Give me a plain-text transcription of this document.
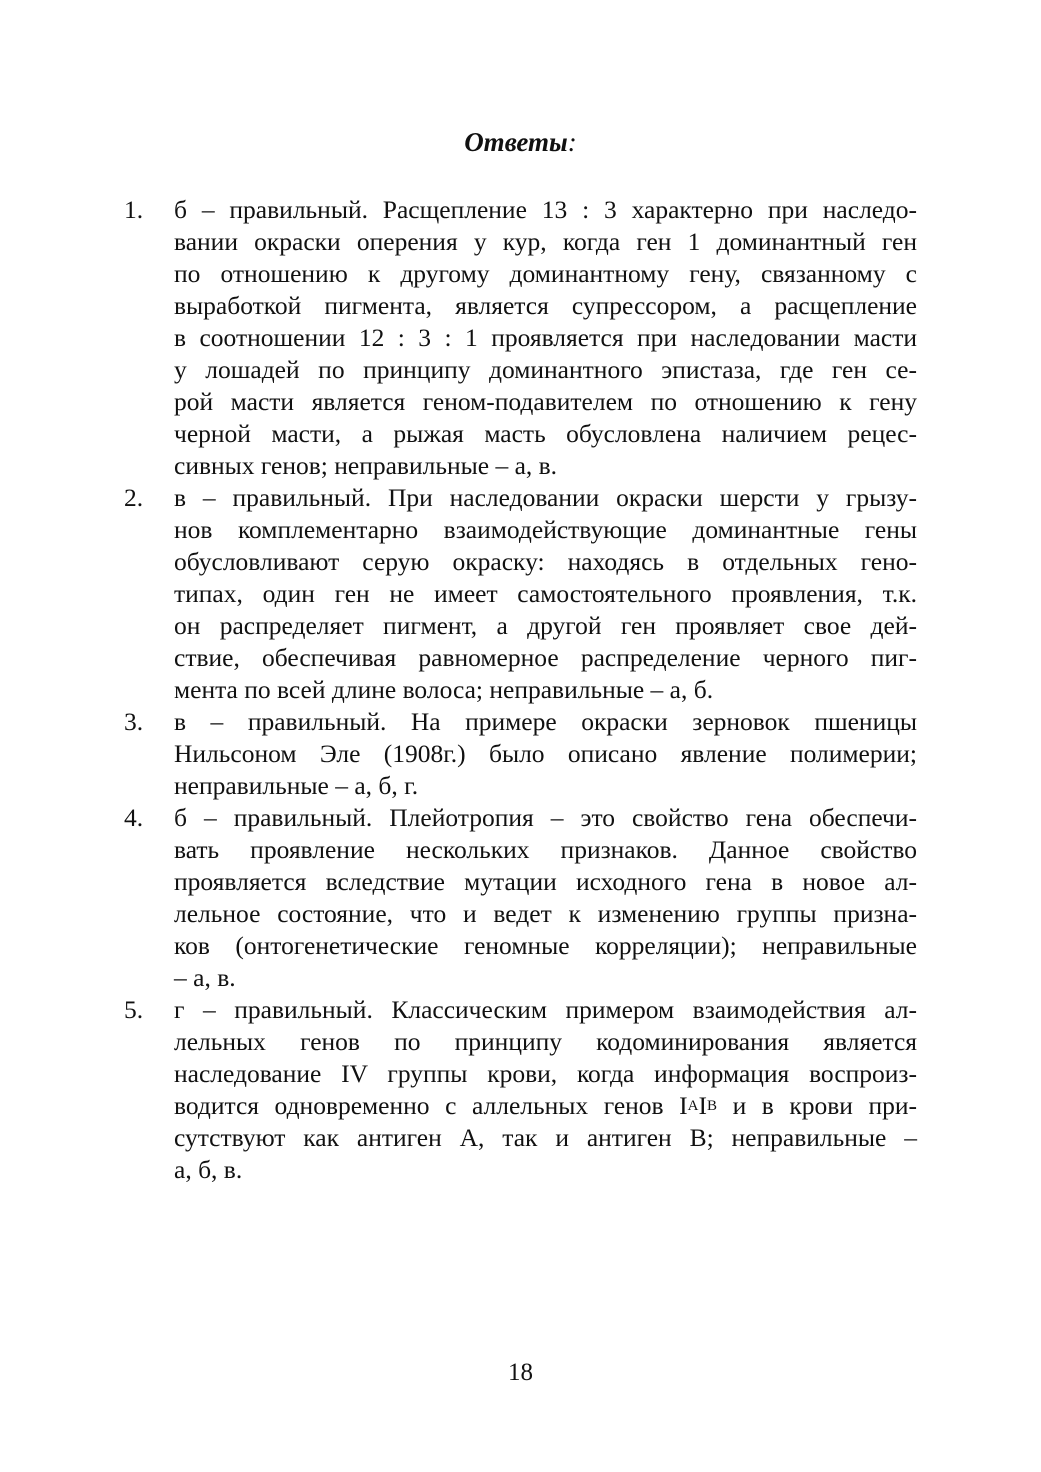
Ответы:
1.	б – правильный. Расщепление 13 : 3 характерно при наследо-
вании окраски оперения у кур, когда ген 1 доминантный ген
по отношению к другому доминантному гену, связанному с
выработкой пигмента, является супрессором, а расщепление
в соотношении 12 : 3 : 1 проявляется при наследовании масти
у лошадей по принципу доминантного эпистаза, где ген се-
рой масти является геном-подавителем по отношению к гену
черной масти, а рыжая масть обусловлена наличием рецес-
сивных генов; неправильные – а, в.
2.	в – правильный. При наследовании окраски шерсти у грызу-
нов комплементарно взаимодействующие доминантные гены
обусловливают серую окраску: находясь в отдельных гено-
типах, один ген не имеет самостоятельного проявления, т.к.
он распределяет пигмент, а другой ген проявляет свое дей-
ствие, обеспечивая равномерное распределение черного пиг-
мента по всей длине волоса; неправильные – а, б.
3.	в – правильный. На примере окраски зерновок пшеницы
Нильсоном Эле (1908г.) было описано явление полимерии;
неправильные – а, б, г.
4.	б – правильный. Плейотропия – это свойство гена обеспечи-
вать проявление нескольких признаков. Данное свойство
проявляется вследствие мутации исходного гена в новое ал-
лельное состояние, что и ведет к изменению группы призна-
ков (онтогенетические геномные корреляции); неправильные
– а, в.
5.	г – правильный. Классическим примером взаимодействия ал-
лельных генов по принципу кодоминирования является
наследование IV группы крови, когда информация воспроиз-
водится одновременно с аллельных генов $I^AI^B$ и в крови при-
сутствуют как антиген А, так и антиген В; неправильные –
а, б, в.
18
